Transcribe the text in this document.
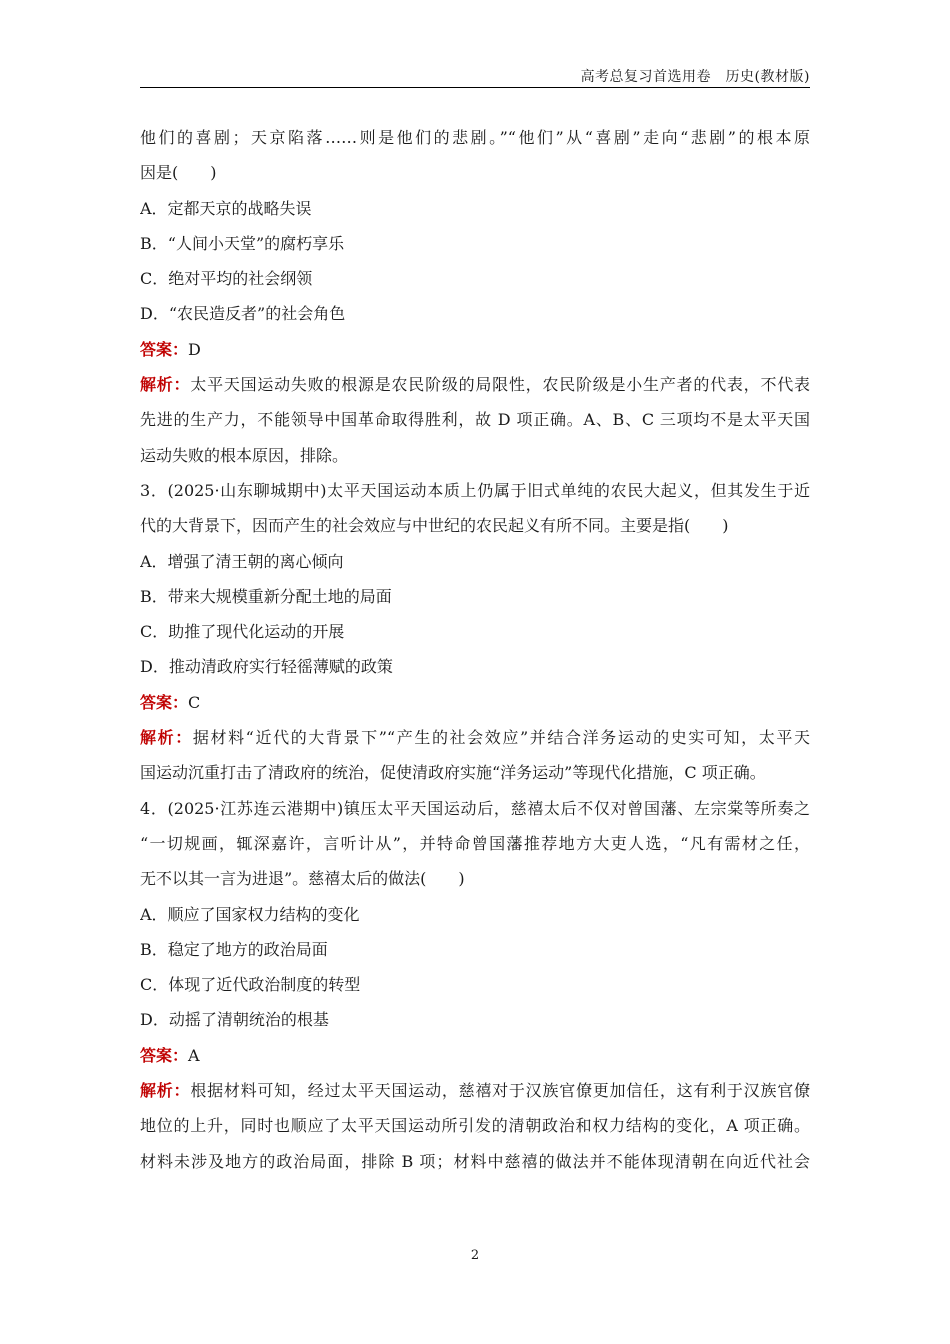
高考总复习首选用卷　历史(教材版)
他们的喜剧；天京陷落……则是他们的悲剧。”“他们”从“喜剧”走向“悲剧”的根本原
因是(　　)
A．定都天京的战略失误
B．“人间小天堂”的腐朽享乐
C．绝对平均的社会纲领
D．“农民造反者”的社会角色
答案：D
解析：太平天国运动失败的根源是农民阶级的局限性，农民阶级是小生产者的代表，不代表
先进的生产力，不能领导中国革命取得胜利，故 D 项正确。A、B、C 三项均不是太平天国
运动失败的根本原因，排除。
3．(2025·山东聊城期中)太平天国运动本质上仍属于旧式单纯的农民大起义，但其发生于近
代的大背景下，因而产生的社会效应与中世纪的农民起义有所不同。主要是指(　　)
A．增强了清王朝的离心倾向
B．带来大规模重新分配土地的局面
C．助推了现代化运动的开展
D．推动清政府实行轻徭薄赋的政策
答案：C
解析：据材料“近代的大背景下”“产生的社会效应”并结合洋务运动的史实可知，太平天
国运动沉重打击了清政府的统治，促使清政府实施“洋务运动”等现代化措施，C 项正确。
4．(2025·江苏连云港期中)镇压太平天国运动后，慈禧太后不仅对曾国藩、左宗棠等所奏之
“一切规画，辄深嘉许，言听计从”，并特命曾国藩推荐地方大吏人选，“凡有需材之任，
无不以其一言为进退”。慈禧太后的做法(　　)
A．顺应了国家权力结构的变化
B．稳定了地方的政治局面
C．体现了近代政治制度的转型
D．动摇了清朝统治的根基
答案：A
解析：根据材料可知，经过太平天国运动，慈禧对于汉族官僚更加信任，这有利于汉族官僚
地位的上升，同时也顺应了太平天国运动所引发的清朝政治和权力结构的变化，A 项正确。
材料未涉及地方的政治局面，排除 B 项；材料中慈禧的做法并不能体现清朝在向近代社会
2
